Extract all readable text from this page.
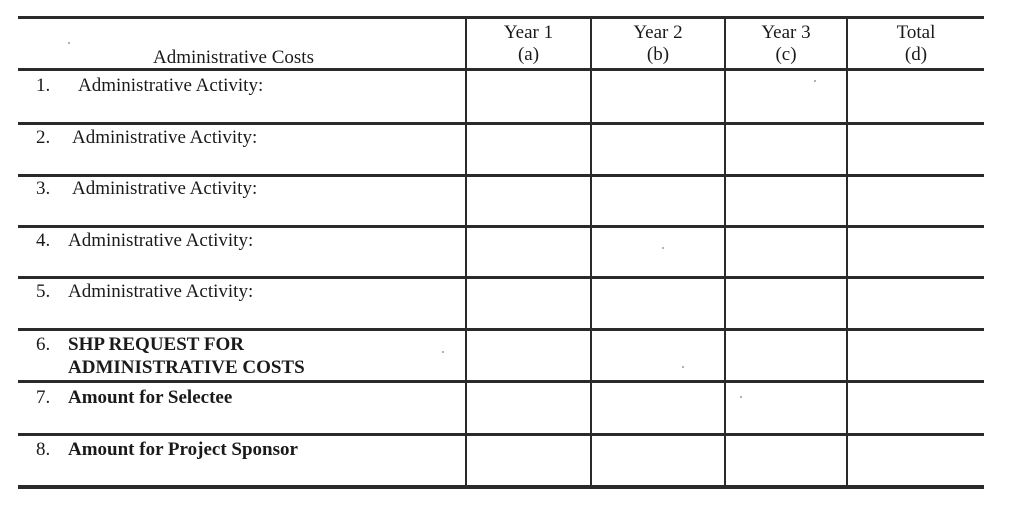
Administrative Costs
Year 1
(a)
Year 2
(b)
Year 3
(c)
Total
(d)
1. Administrative Activity:
2. Administrative Activity:
3. Administrative Activity:
4. Administrative Activity:
5. Administrative Activity:
6. SHP REQUEST FOR
ADMINISTRATIVE COSTS
7. Amount for Selectee
8. Amount for Project Sponsor
